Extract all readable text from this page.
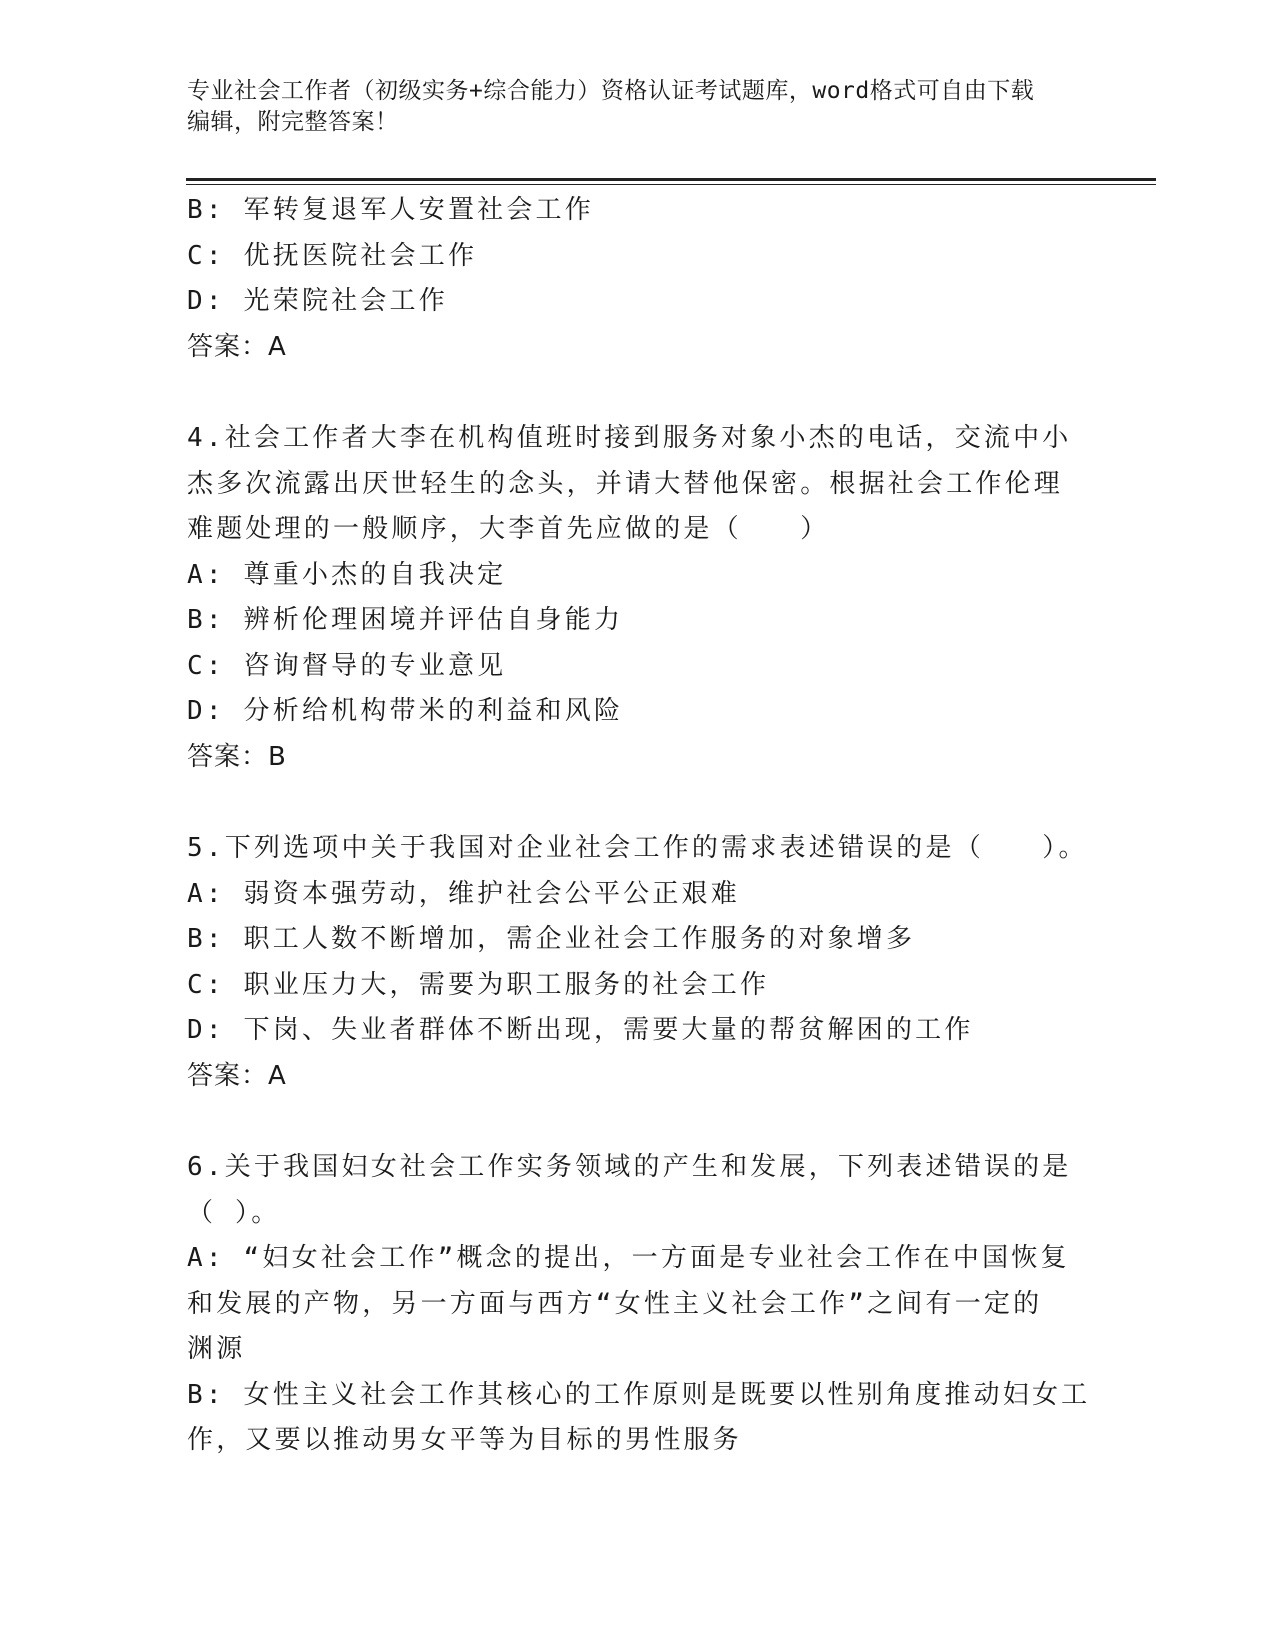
专业社会工作者（初级实务+综合能力）资格认证考试题库，word格式可自由下载
编辑，附完整答案！
B: 军转复退军人安置社会工作
C: 优抚医院社会工作
D: 光荣院社会工作
答案：A
4.社会工作者大李在机构值班时接到服务对象小杰的电话，交流中小
杰多次流露出厌世轻生的念头，并请大替他保密。根据社会工作伦理
难题处理的一般顺序，大李首先应做的是（　　）
A: 尊重小杰的自我决定
B: 辨析伦理困境并评估自身能力
C: 咨询督导的专业意见
D: 分析给机构带米的利益和风险
答案：B
5.下列选项中关于我国对企业社会工作的需求表述错误的是（　　）。
A: 弱资本强劳动，维护社会公平公正艰难
B: 职工人数不断增加，需企业社会工作服务的对象增多
C: 职业压力大，需要为职工服务的社会工作
D: 下岗、失业者群体不断出现，需要大量的帮贫解困的工作
答案：A
6.关于我国妇女社会工作实务领域的产生和发展，下列表述错误的是
（ ）。
A: “妇女社会工作”概念的提出，一方面是专业社会工作在中国恢复
和发展的产物，另一方面与西方“女性主义社会工作”之间有一定的
渊源
B: 女性主义社会工作其核心的工作原则是既要以性别角度推动妇女工
作，又要以推动男女平等为目标的男性服务
